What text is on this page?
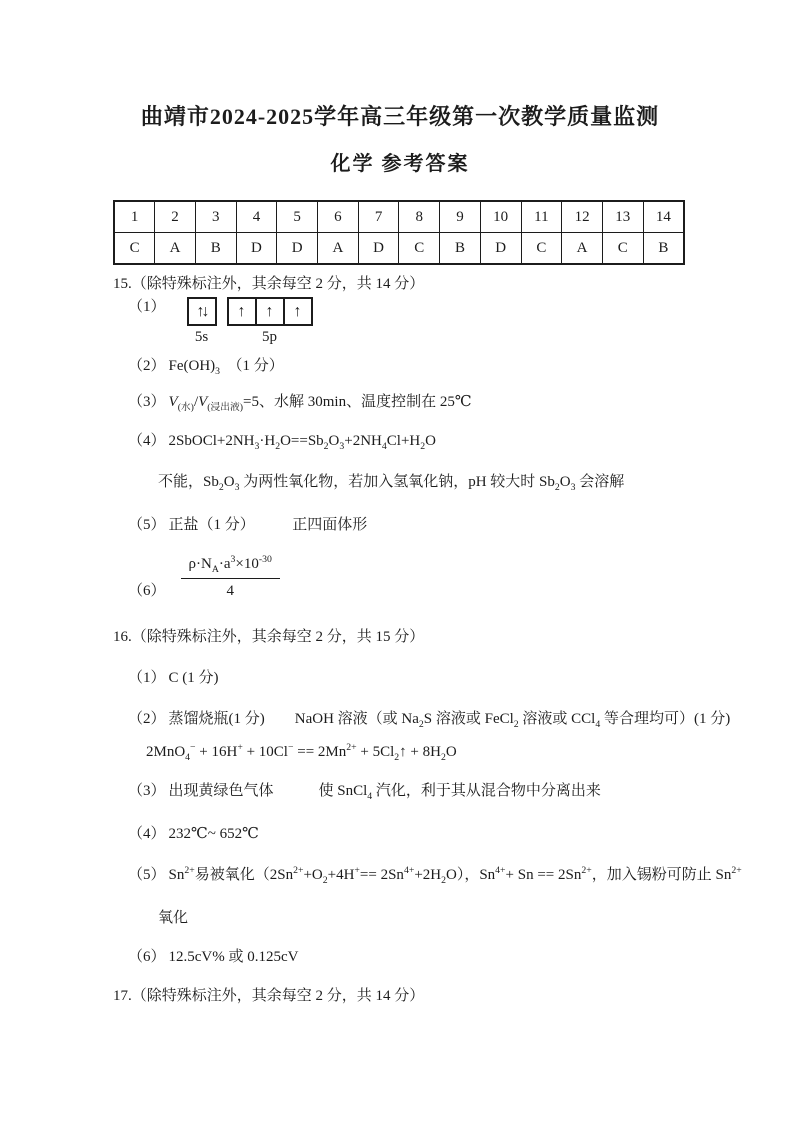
曲靖市2024-2025学年高三年级第一次教学质量监测
化学 参考答案
1	2	3	4	5	6	7	8	9	10	11	12	13	14
C	A	B	D	D	A	D	C	B	D	C	A	C	B
15.（除特殊标注外，其余每空 2 分，共 14 分）
（1） ↑↓
5s
↑	↑	↑
5p
（2） $Fe(OH)_3$　（1 分）
（3） $V_{(水)}/V_{(浸出液)}=5$、水解 30min、温度控制在 25℃
（4） $2SbOCl+2NH_3\cdot H_2O==Sb_2O_3+2NH_4Cl+H_2O$
不能，$Sb_2O_3$ 为两性氧化物，若加入氢氧化钠，pH 较大时 $Sb_2O_3$ 会溶解
（5） 正盐（1 分）　　　正四面体形
$(6) \frac{\rho\cdot N_A\cdot a^3\times 10^{-30}}{4}$
16.（除特殊标注外，其余每空 2 分，共 15 分）
（1） C (1 分)
（2） 蒸馏烧瓶(1 分)　　NaOH 溶液（或 $Na_2S$ 溶液或 FeCl$_2$ 溶液或 CCl$_4$ 等合理均可）(1 分)
$2MnO_4^- + 16H^+ + 10Cl^- == 2Mn^{2+}$ + $5Cl_2↑ + 8H_2O$
（3） 出现黄绿色气体　　　使 SnCl$_4$ 汽化，利于其从混合物中分离出来
（4） 232℃~ 652℃
（5） $Sn^{2+}$易被氧化$(2Sn^{2+}+O_2+4H^+== 2Sn^{4+}+2H_2O)$，$Sn^{4+}+ Sn == 2Sn^{2+}$，加入锡粉可防止 $Sn^{2+}$
氧化
（6） 12.5cV% 或 0.125cV
17.（除特殊标注外，其余每空 2 分，共 14 分）
